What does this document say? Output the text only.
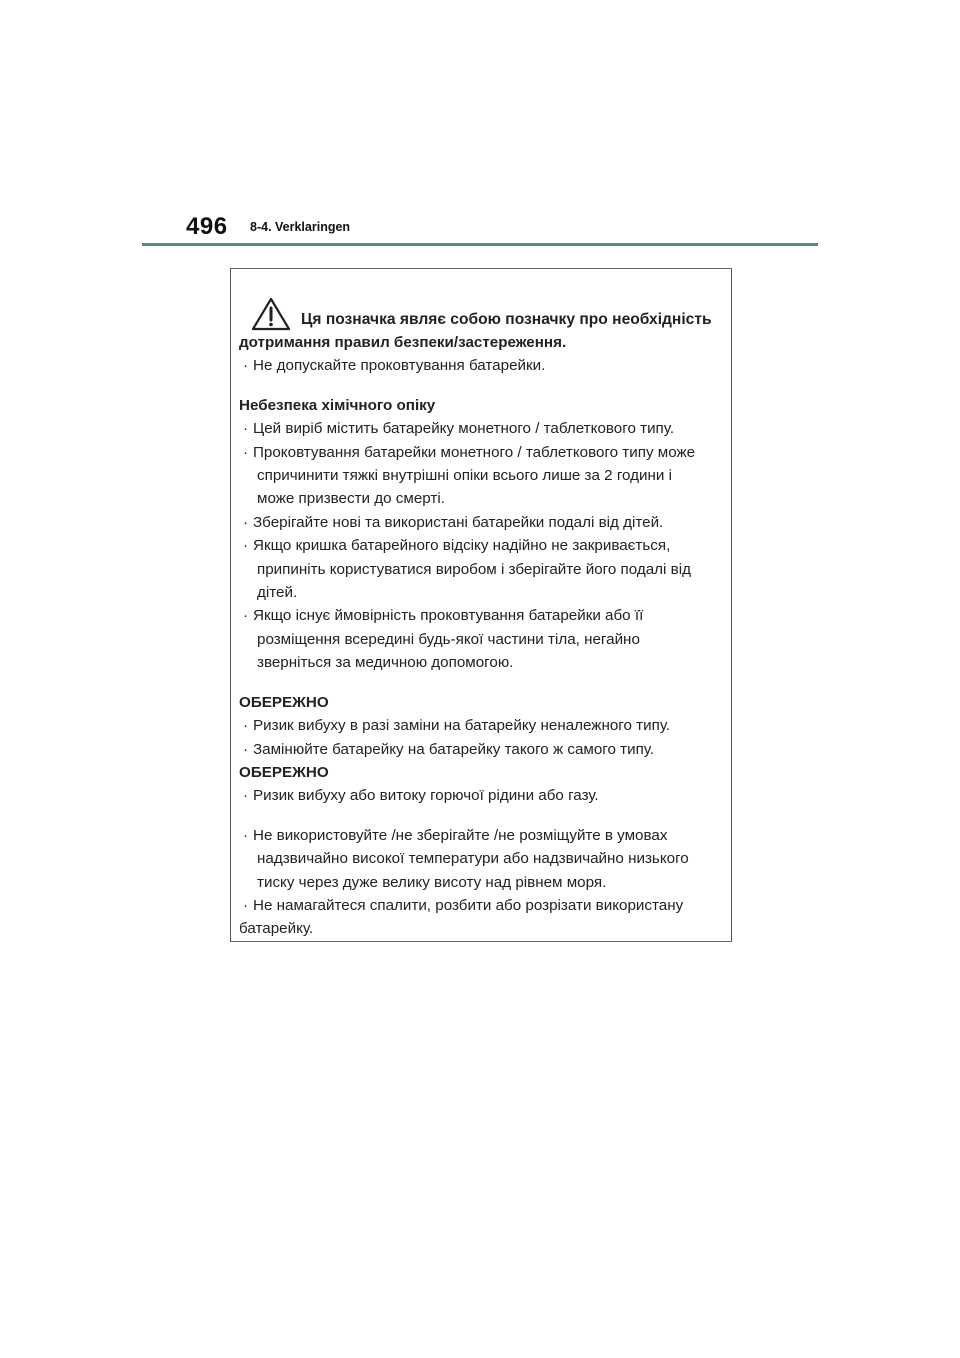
496 8-4. Verklaringen
Ця позначка являє собою позначку про необхідність

дотримання правил безпеки/застереження.

· Не допускайте проковтування батарейки.

Небезпека хімічного опіку

· Цей виріб містить батарейку монетного / таблеткового типу.

· Проковтування батарейки монетного / таблеткового типу може

спричинити тяжкі внутрішні опіки всього лише за 2 години і

може призвести до смерті.

· Зберігайте нові та використані батарейки подалі від дітей.

· Якщо кришка батарейного відсіку надійно не закривається,

припиніть користуватися виробом і зберігайте його подалі від

дітей.

· Якщо існує ймовірність проковтування батарейки або її

розміщення всередині будь-якої частини тіла, негайно

зверніться за медичною допомогою.

ОБЕРЕЖНО

· Ризик вибуху в разі заміни на батарейку неналежного типу.

· Замінюйте батарейку на батарейку такого ж самого типу.

ОБЕРЕЖНО

· Ризик вибуху або витоку горючої рідини або газу.

· Не використовуйте /не зберігайте /не розміщуйте в умовах

надзвичайно високої температури або надзвичайно низького

тиску через дуже велику висоту над рівнем моря.

· Не намагайтеся спалити, розбити або розрізати використану

батарейку.
